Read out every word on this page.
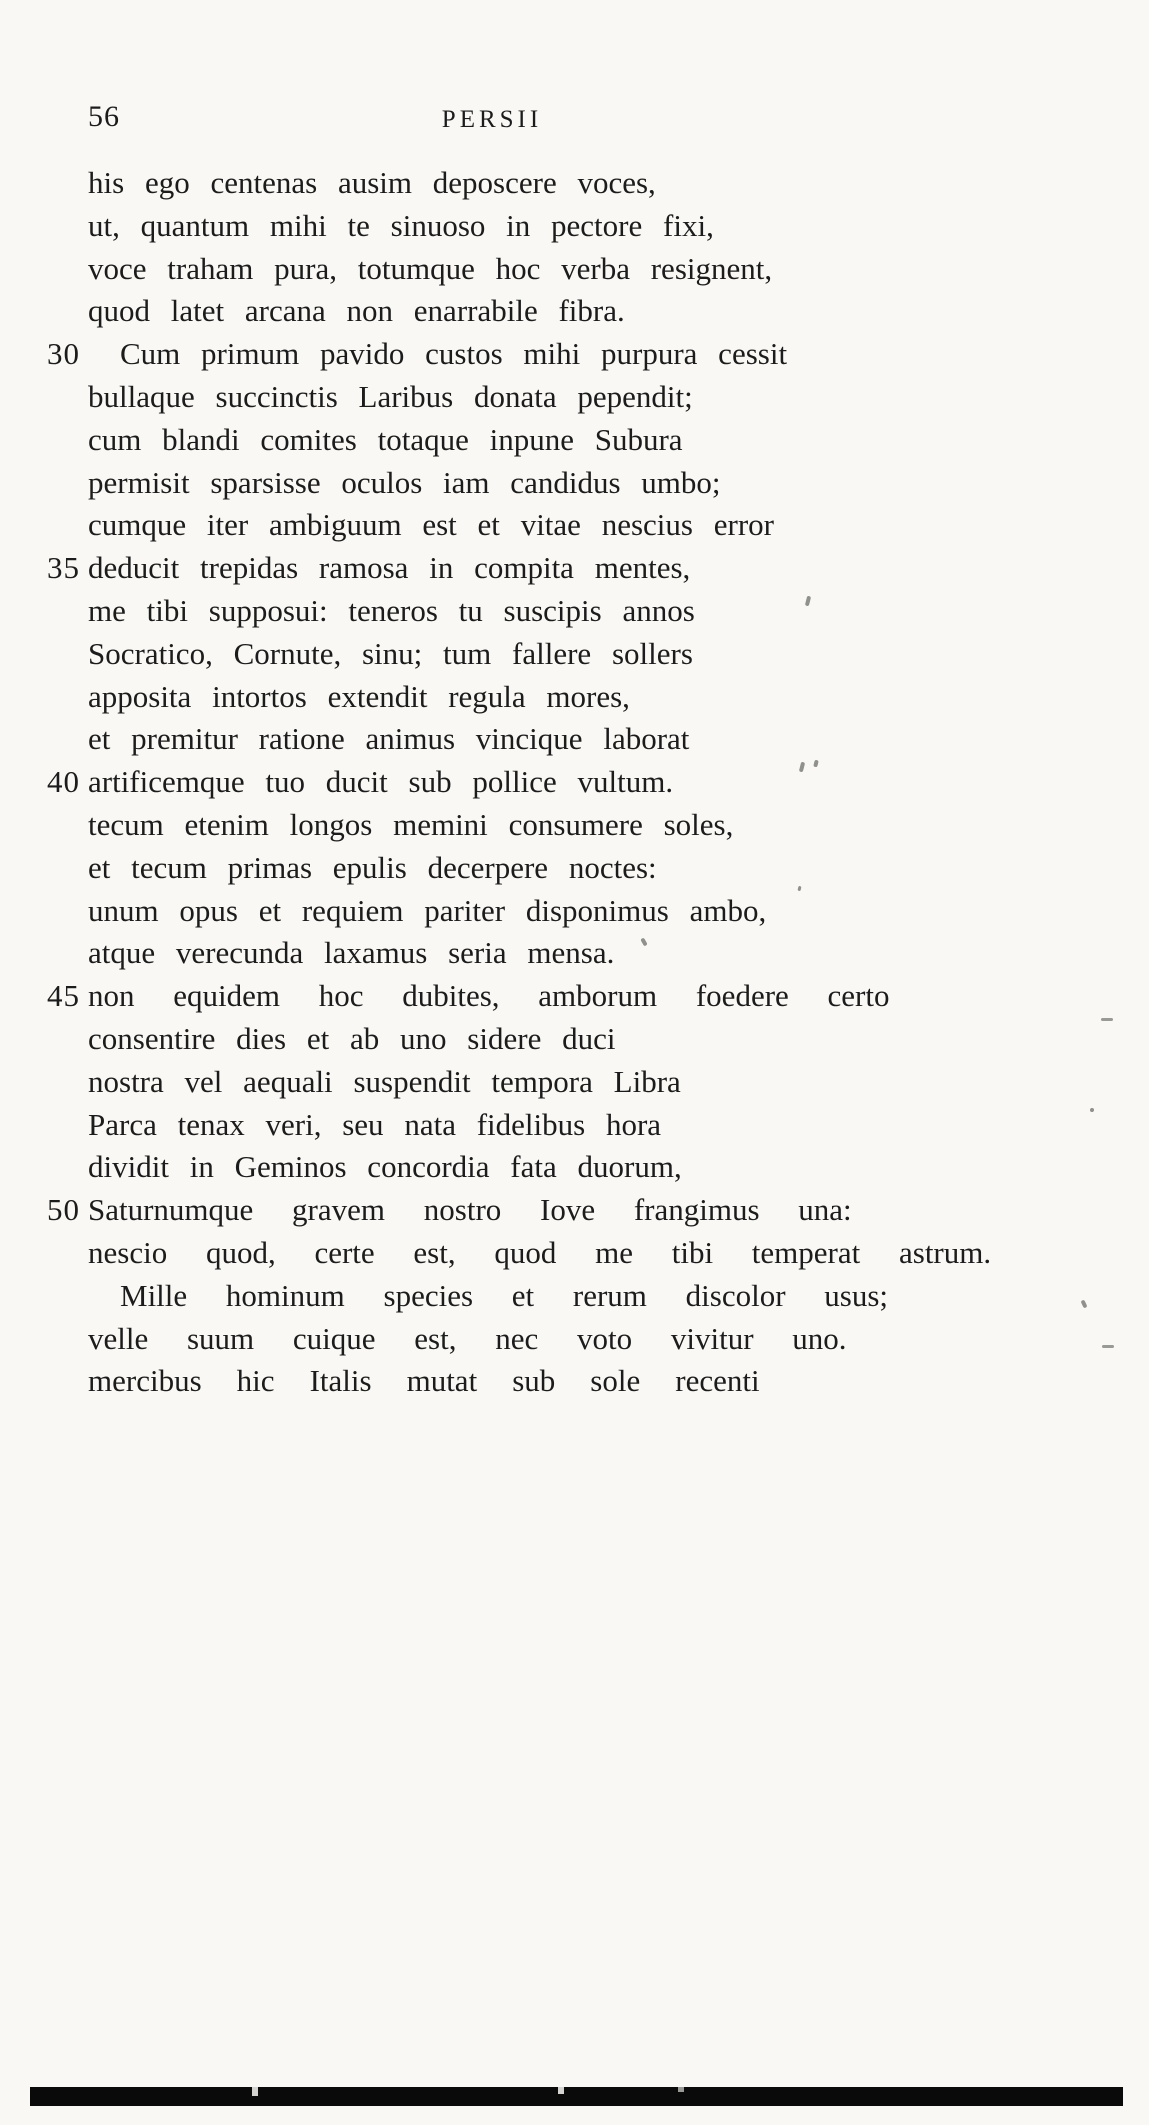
56	PERSII
his ego centenas ausim deposcere voces,
ut, quantum mihi te sinuoso in pectore fixi,
voce traham pura, totumque hoc verba resignent,
quod latet arcana non enarrabile fibra.
30 Cum primum pavido custos mihi purpura cessit
bullaque succinctis Laribus donata pependit;
cum blandi comites totaque inpune Subura
permisit sparsisse oculos iam candidus umbo;
cumque iter ambiguum est et vitae nescius error
35 deducit trepidas ramosa in compita mentes,
me tibi supposui: teneros tu suscipis annos
Socratico, Cornute, sinu; tum fallere sollers
apposita intortos extendit regula mores,
et premitur ratione animus vincique laborat
40 artificemque tuo ducit sub pollice vultum.
tecum etenim longos memini consumere soles,
et tecum primas epulis decerpere noctes:
unum opus et requiem pariter disponimus ambo,
atque verecunda laxamus seria mensa.
45 non equidem hoc dubites, amborum foedere certo
consentire dies et ab uno sidere duci
nostra vel aequali suspendit tempora Libra
Parca tenax veri, seu nata fidelibus hora
dividit in Geminos concordia fata duorum,
50 Saturnumque gravem nostro Iove frangimus una:
nescio quod, certe est, quod me tibi temperat astrum.
Mille hominum species et rerum discolor usus;
velle suum cuique est, nec voto vivitur uno.
mercibus hic Italis mutat sub sole recenti
